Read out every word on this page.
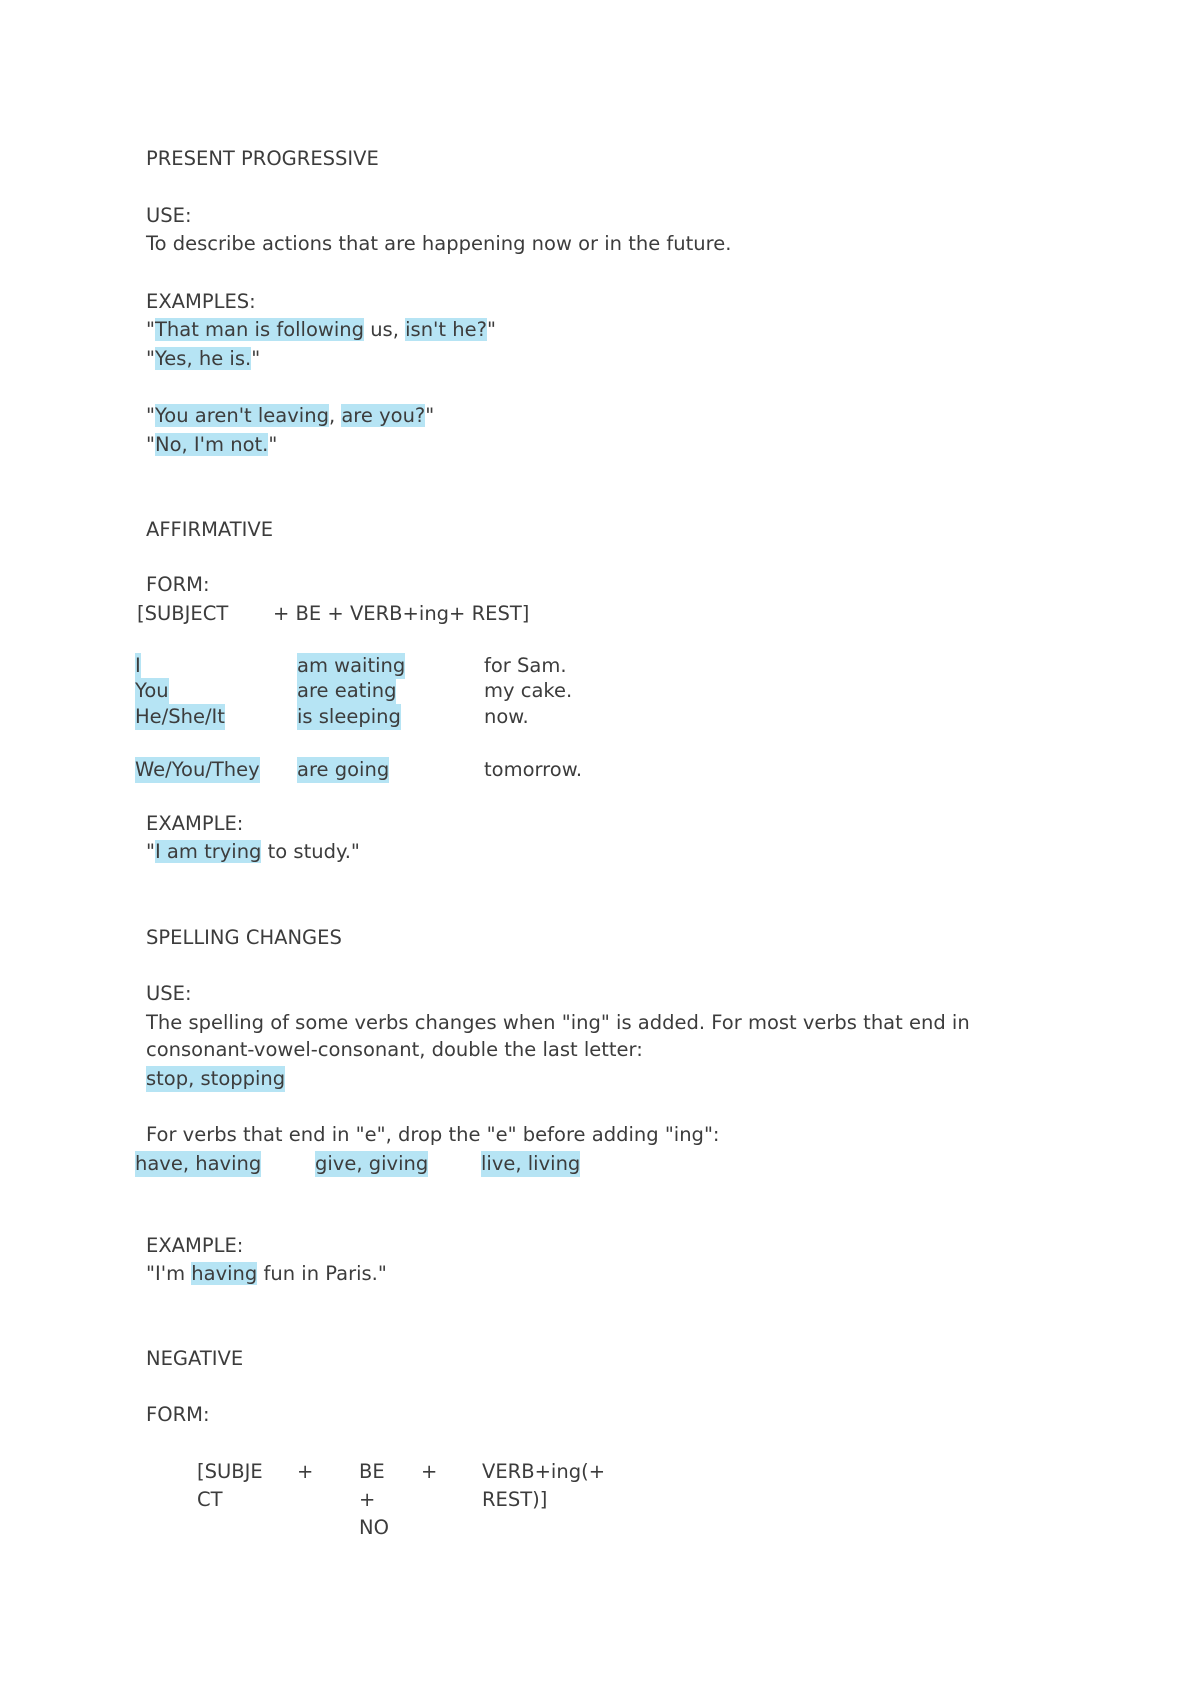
PRESENT PROGRESSIVE
USE:
To describe actions that are happening now or in the future.
EXAMPLES:
"That man is following us, isn't he?"
"Yes, he is."
"You aren't leaving, are you?"
"No, I'm not."
AFFIRMATIVE
FORM:
[SUBJECT + BE + VERB+ing+ REST]
I	am waiting	for Sam.
You	are eating	my cake.
He/She/It	is sleeping	now.
We/You/They are going	tomorrow.
EXAMPLE:
"I am trying to study."
SPELLING CHANGES
USE:
The spelling of some verbs changes when "ing" is added. For most verbs that end in
consonant-vowel-consonant, double the last letter:
stop, stopping
For verbs that end in "e", drop the "e" before adding "ing":
have, having	give, giving	live, living
EXAMPLE:
"I'm having fun in Paris."
NEGATIVE
FORM:
[SUBJE
CT
+ BE
+
NO
+ VERB+ing(+
REST)]
